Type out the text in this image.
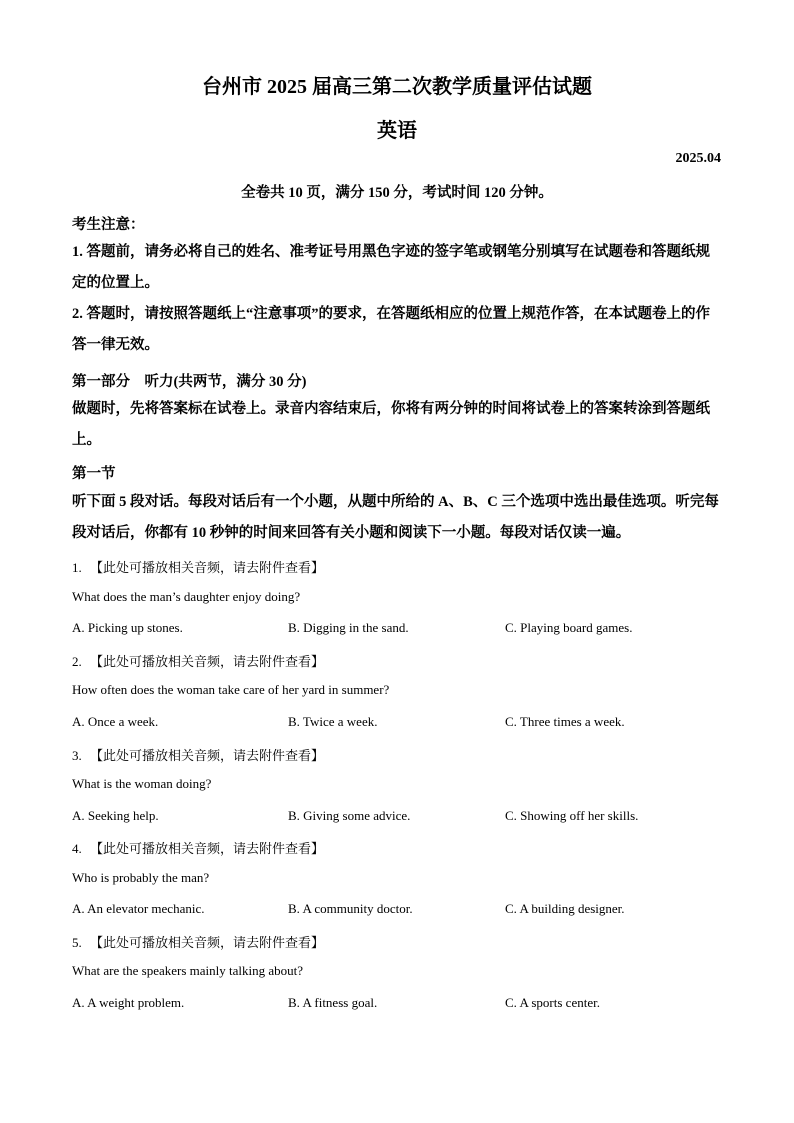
台州市 2025 届高三第二次教学质量评估试题
英语
2025.04
全卷共 10 页，满分 150 分，考试时间 120 分钟。
考生注意：
1. 答题前，请务必将自己的姓名、准考证号用黑色字迹的签字笔或钢笔分别填写在试题卷和答题纸规定的位置上。
2. 答题时，请按照答题纸上“注意事项”的要求，在答题纸相应的位置上规范作答，在本试题卷上的作答一律无效。
第一部分　听力(共两节，满分 30 分)
做题时，先将答案标在试卷上。录音内容结束后，你将有两分钟的时间将试卷上的答案转涂到答题纸上。
第一节
听下面 5 段对话。每段对话后有一个小题，从题中所给的 A、B、C 三个选项中选出最佳选项。听完每段对话后，你都有 10 秒钟的时间来回答有关小题和阅读下一小题。每段对话仅读一遍。
1. 【此处可播放相关音频，请去附件查看】
What does the man’s daughter enjoy doing?
A. Picking up stones.	B. Digging in the sand.	C. Playing board games.
2. 【此处可播放相关音频，请去附件查看】
How often does the woman take care of her yard in summer?
A. Once a week.	B. Twice a week.	C. Three times a week.
3. 【此处可播放相关音频，请去附件查看】
What is the woman doing?
A. Seeking help.	B. Giving some advice.	C. Showing off her skills.
4. 【此处可播放相关音频，请去附件查看】
Who is probably the man?
A. An elevator mechanic.	B. A community doctor.	C. A building designer.
5. 【此处可播放相关音频，请去附件查看】
What are the speakers mainly talking about?
A. A weight problem.	B. A fitness goal.	C. A sports center.
